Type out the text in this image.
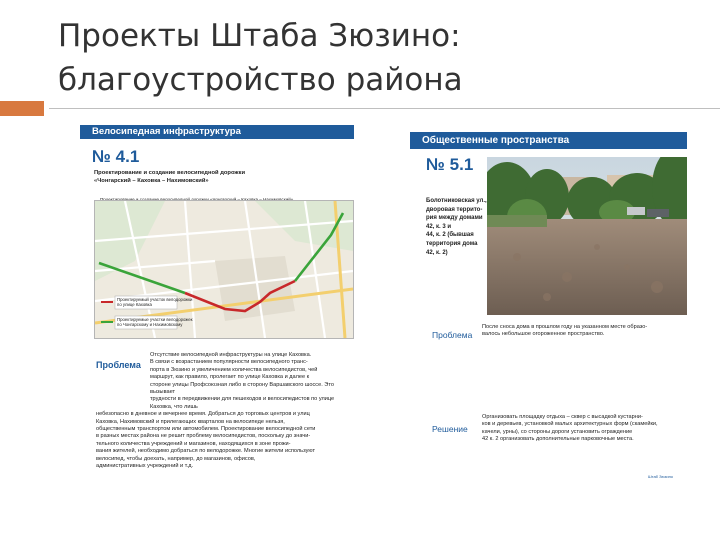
Проекты Штаба Зюзино:
благоустройство района
Велосипедная инфраструктура
№ 4.1
Проектирование и создание велосипедной дорожки
«Чонгарский – Каховка – Нахимовский»
Проектируемый участок велодорожки
по улице Каховка
Проектируемые участки велодорожек
по Чонгарскому и Нахимовскому
Проблема
Отсутствие велосипедной инфраструктуры на улице Каховка.
В связи с возрастанием популярности велосипедного транс-
порта в Зюзино и увеличением количества велосипедистов, чей
маршрут, как правило, пролегает по улице Каховка и далее к
стороне улицы Профсоюзная либо в сторону Варшавского шоссе. Это вызывает
трудности в передвижении для пешеходов и велосипедистов по улице Каховка, что лишь
небезопасно в дневное и вечернее время. Добраться до торговых центров и улиц
Каховка, Нахимовский и прилегающих кварталов на велосипеде нельзя,
общественным транспортом или автомобилем. Проектирование велосипедной сети
в разных местах района не решит проблему велосипедистов, поскольку до значи-
тельного количества учреждений и магазинов, находящихся в зоне прожи-
вания жителей, необходимо добраться по велодорожке. Многие жители используют
велосипед, чтобы доехать, например, до магазинов, офисов,
административных учреждений и т.д.
Общественные пространства
№ 5.1
Болотниковская ул.,
дворовая террито-
рия между домами
42, к. 3 и
44, к. 2 (бывшая
территория дома
42, к. 2)
Проблема
После сноса дома в прошлом году на указанном месте образо-
валось небольшое огороженное пространство.
Решение
Организовать площадку отдыха – сквер с высадкой кустарни-
ков и деревьев, установкой малых архитектурных форм (скамейки,
качели, урны), со стороны дороги установить ограждение
42 к. 2 организовать дополнительные парковочные места.
Штаб Зюзино
